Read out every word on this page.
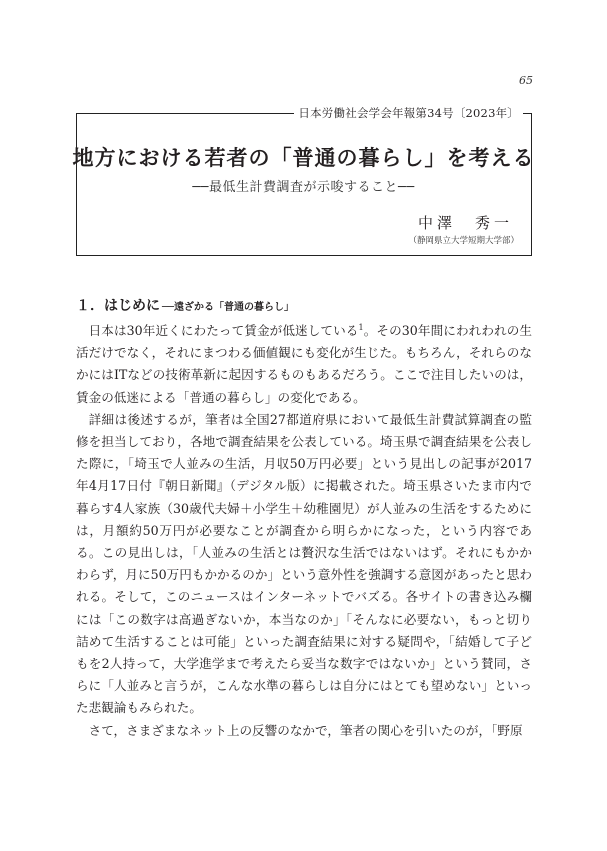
65
日本労働社会学会年報第34号〔2023年〕
地方における若者の「普通の暮らし」を考える
──最低生計費調査が示唆すること──
中澤　秀一
（静岡県立大学短期大学部）
１．はじめに ──遠ざかる「普通の暮らし」

日本は30年近くにわたって賃金が低迷している$^1$。その30年間にわれわれの生活だけでなく，それにまつわる価値観にも変化が生じた。もちろん，それらのなかにはITなどの技術革新に起因するものもあるだろう。ここで注目したいのは，賃金の低迷による「普通の暮らし」の変化である。

詳細は後述するが，筆者は全国27都道府県において最低生計費試算調査の監修を担当しており，各地で調査結果を公表している。埼玉県で調査結果を公表した際に，「埼玉で人並みの生活，月収50万円必要」という見出しの記事が2017年4月17日付『朝日新聞』（デジタル版）に掲載された。埼玉県さいたま市内で暮らす4人家族（30歳代夫婦＋小学生＋幼稚園児）が人並みの生活をするためには，月額約50万円が必要なことが調査から明らかになった，という内容である。この見出しは，「人並みの生活とは贅沢な生活ではないはず。それにもかかわらず，月に50万円もかかるのか」という意外性を強調する意図があったと思われる。そして，このニュースはインターネットでバズる。各サイトの書き込み欄には「この数字は高過ぎないか，本当なのか」「そんなに必要ない，もっと切り詰めて生活することは可能」といった調査結果に対する疑問や，「結婚して子どもを2人持って，大学進学まで考えたら妥当な数字ではないか」という賛同，さらに「人並みと言うが，こんな水準の暮らしは自分にはとても望めない」といった悲観論もみられた。

さて，さまざまなネット上の反響のなかで，筆者の関心を引いたのが，「野原
